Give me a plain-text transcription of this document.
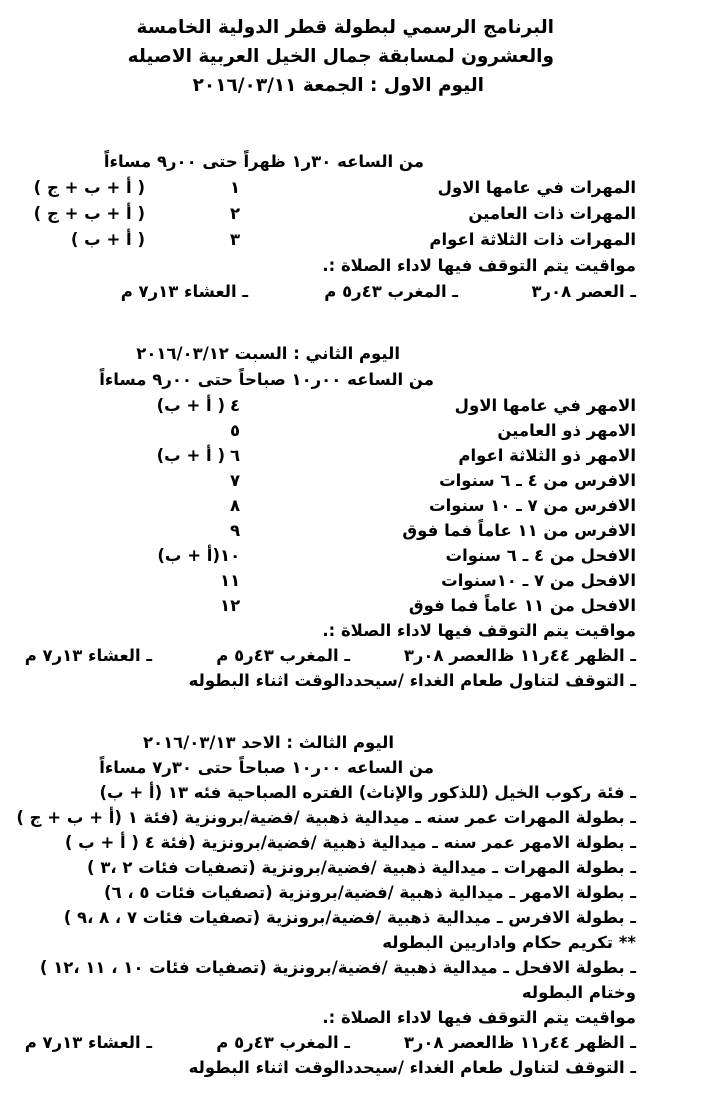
البرنامج الرسمي لبطولة قطر الدولية الخامسة
والعشرون لمسابقة جمال الخيل العربية الاصيله
اليوم الاول : الجمعة ٢٠١٦/٠٣/١١
من الساعه ٣٠ر١ ظهراً حتى ٠٠ر٩ مساءاً
المهرات في عامها الاول
١
( أ + ب + ج )
المهرات ذات العامين
٢
( أ + ب + ج )
المهرات ذات الثلاثة اعوام
٣
( أ + ب )
مواقيت يتم التوقف فيها لاداء الصلاة :.
ـ العصر ٠٨ر٣
ـ المغرب ٤٣ر٥ م
ـ العشاء ١٣ر٧ م
اليوم الثاني : السبت ٢٠١٦/٠٣/١٢
من الساعه ٠٠ر١٠ صباحاً حتى ٠٠ر٩ مساءاً
الامهر في عامها الاول
٤
( أ + ب)
الامهر ذو العامين
٥
الامهر ذو الثلاثة اعوام
٦
( أ + ب)
الافرس من ٤ ـ ٦ سنوات
٧
الافرس من ٧ ـ ١٠ سنوات
٨
الافرس من ١١ عاماً فما فوق
٩
الافحل من ٤ ـ ٦ سنوات
١٠
(أ + ب)
الافحل من ٧ ـ ١٠سنوات
١١
الافحل من ١١ عاماً فما فوق
١٢
مواقيت يتم التوقف فيها لاداء الصلاة :.
ـ الظهر ٤٤ر١١ ظ
العصر ٠٨ر٣
ـ المغرب ٤٣ر٥ م
ـ العشاء ١٣ر٧ م
ـ التوقف لتناول طعام الغداء /سيحددالوقت اثناء البطوله
اليوم الثالث : الاحد ٢٠١٦/٠٣/١٣
من الساعه ٠٠ر١٠ صباحاً حتى ٣٠ر٧ مساءاً
ـ فئة ركوب الخيل (للذكور والإناث) الفتره الصباحية فئه ١٣ (أ + ب)
ـ بطولة المهرات عمر سنه ـ ميدالية ذهبية /فضية/برونزية (فئة ١ (أ + ب + ج )
ـ بطولة الامهر عمر سنه ـ ميدالية ذهبية /فضية/برونزية (فئة ٤ ( أ + ب )
ـ بطولة المهرات ـ ميدالية ذهبية /فضية/برونزية (تصفيات فئات ٢ ،٣ )
ـ بطولة الامهر ـ ميدالية ذهبية /فضية/برونزية (تصفيات فئات ٥ ، ٦)
ـ بطولة الافرس ـ ميدالية ذهبية /فضية/برونزية (تصفيات فئات ٧ ، ٨ ،٩ )
** تكريم حكام واداريين البطوله
ـ بطولة الافحل ـ ميدالية ذهبية /فضية/برونزية (تصفيات فئات ١٠ ، ١١ ،١٢ )
وختام البطوله
مواقيت يتم التوقف فيها لاداء الصلاة :.
ـ الظهر ٤٤ر١١ ظ
العصر ٠٨ر٣
ـ المغرب ٤٣ر٥ م
ـ العشاء ١٣ر٧ م
ـ التوقف لتناول طعام الغداء /سيحددالوقت اثناء البطوله
